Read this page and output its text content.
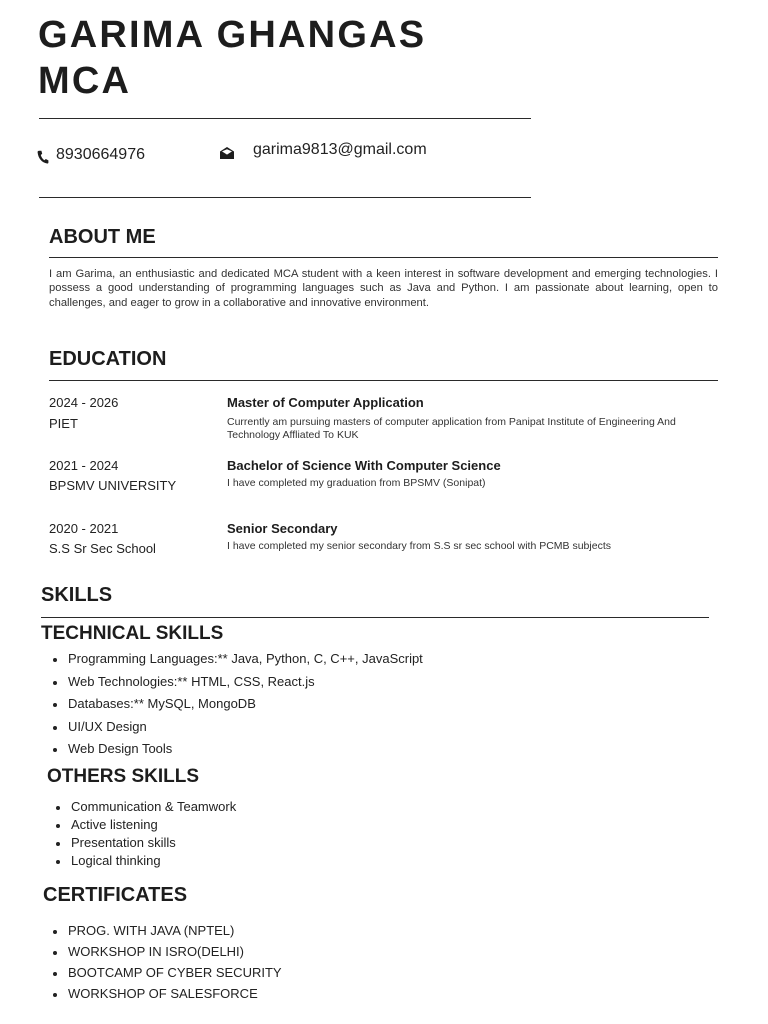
GARIMA GHANGAS
MCA
8930664976	garima9813@gmail.com
ABOUT ME

I am Garima, an enthusiastic and dedicated MCA student with a keen interest in software development and emerging technologies. I possess a good understanding of programming languages such as Java and Python. I am passionate about learning, open to challenges, and eager to grow in a collaborative and innovative environment.

EDUCATION
2024 - 2026
PIET
Master of Computer Application
Currently am pursuing masters of computer application from Panipat Institute of Engineering And Technology Affliated To KUK
2021 - 2024
BPSMV UNIVERSITY
Bachelor of Science With Computer Science
I have completed my graduation from BPSMV (Sonipat)
2020 - 2021
S.S Sr Sec School
Senior Secondary
I have completed my senior secondary from S.S sr sec school with PCMB subjects
SKILLS
TECHNICAL SKILLS
Programming Languages:** Java, Python, C, C++, JavaScript
Web Technologies:** HTML, CSS, React.js
Databases:** MySQL, MongoDB
UI/UX Design
Web Design Tools
OTHERS SKILLS
Communication & Teamwork
Active listening
Presentation skills
Logical thinking
CERTIFICATES
PROG. WITH JAVA (NPTEL)
WORKSHOP IN ISRO(DELHI)
BOOTCAMP OF CYBER SECURITY
WORKSHOP OF SALESFORCE
